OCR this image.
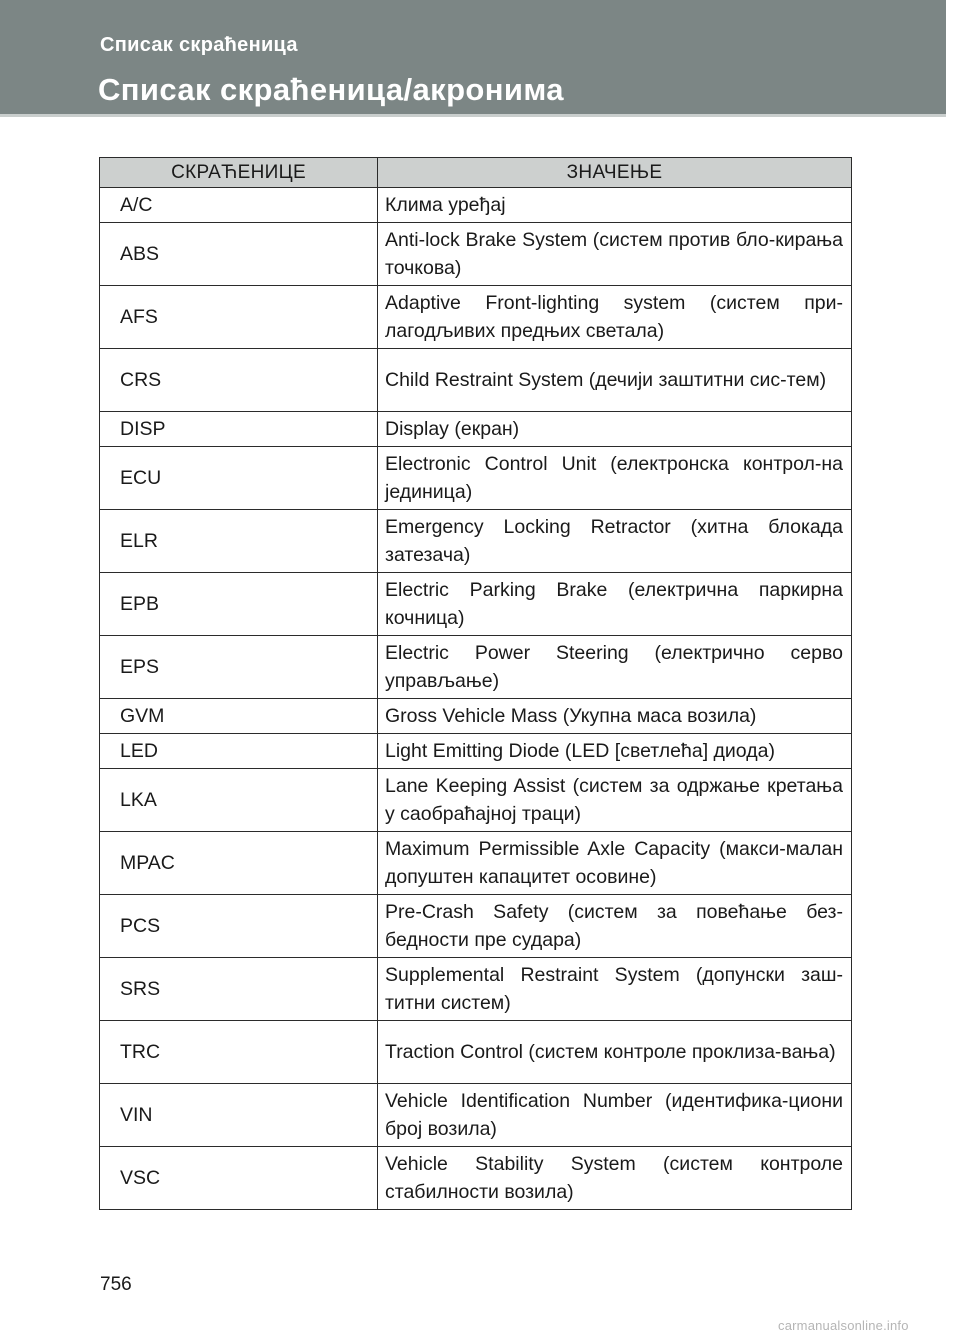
Списак скраћеница
Списак скраћеница/акронима
СКРАЋЕНИЦЕ	ЗНАЧЕЊЕ
A/C	Клима уређај
ABS	Anti-lock Brake System (систем против бло-кирања точкова)
AFS	Adaptive Front-lighting system (систем при-лагодљивих предњих светала)
CRS	Child Restraint System (дечији заштитни сис-тем)
DISP	Display (екран)
ECU	Electronic Control Unit (електронска контрол-на јединица)
ELR	Emergency Locking Retractor (хитна блокада затезача)
EPB	Electric Parking Brake (електрична паркирна кочница)
EPS	Electric Power Steering (електрично серво управљање)
GVM	Gross Vehicle Mass (Укупна маса возила)
LED	Light Emitting Diode (LED [светлећа] диода)
LKA	Lane Keeping Assist (систем за одржање кретања у саобраћајној траци)
MPAC	Maximum Permissible Axle Capacity (макси-малан допуштен капацитет осовине)
PCS	Pre-Crash Safety (систем за повећање без-бедности пре судара)
SRS	Supplemental Restraint System (допунски заш-титни систем)
TRC	Traction Control (систем контроле проклиза-вања)
VIN	Vehicle Identification Number (идентифика-циони број возила)
VSC	Vehicle Stability System (систем контроле стабилности возила)
756
carmanualsonline.info
